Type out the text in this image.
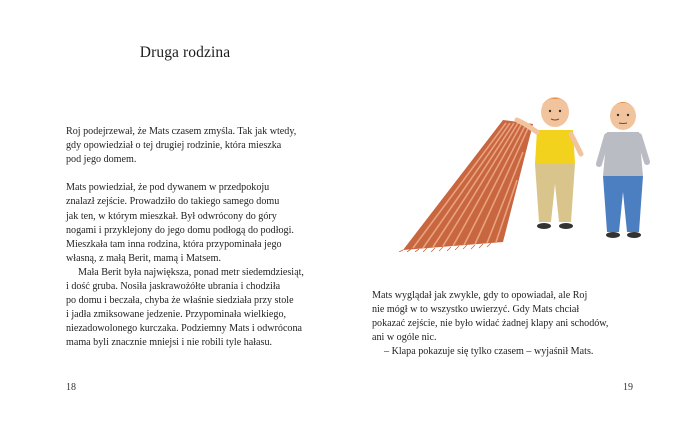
Druga rodzina

Roj podejrzewał, że Mats czasem zmyśla. Tak jak wtedy,
gdy opowiedział o tej drugiej rodzinie, która mieszka
pod jego domem.

Mats powiedział, że pod dywanem w przedpokoju
znalazł zejście. Prowadziło do takiego samego domu
jak ten, w którym mieszkał. Był odwrócony do góry
nogami i przyklejony do jego domu podłogą do podłogi.
Mieszkała tam inna rodzina, która przypominała jego
własną, z małą Berit, mamą i Matsem.

Mała Berit była największa, ponad metr siedemdziesiąt,
i dość gruba. Nosiła jaskrawożółte ubrania i chodziła
po domu i beczała, chyba że właśnie siedziała przy stole
i jadła zmiksowane jedzenie. Przypominała wielkiego,
niezadowolonego kurczaka. Podziemny Mats i odwrócona
mama byli znacznie mniejsi i nie robili tyle hałasu.

18

Mats wyglądał jak zwykle, gdy to opowiadał, ale Roj
nie mógł w to wszystko uwierzyć. Gdy Mats chciał
pokazać zejście, nie było widać żadnej klapy ani schodów,
ani w ogóle nic.

– Klapa pokazuje się tylko czasem – wyjaśnił Mats.

19
